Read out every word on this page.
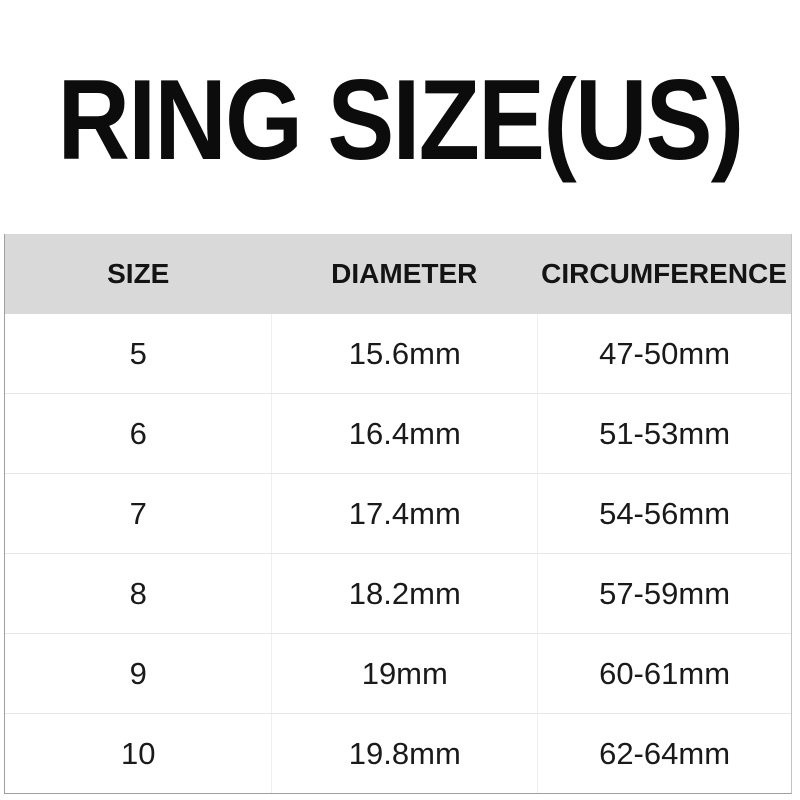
RING SIZE(US)
SIZE	DIAMETER	CIRCUMFERENCE
5	15.6mm	47-50mm
6	16.4mm	51-53mm
7	17.4mm	54-56mm
8	18.2mm	57-59mm
9	19mm	60-61mm
10	19.8mm	62-64mm
